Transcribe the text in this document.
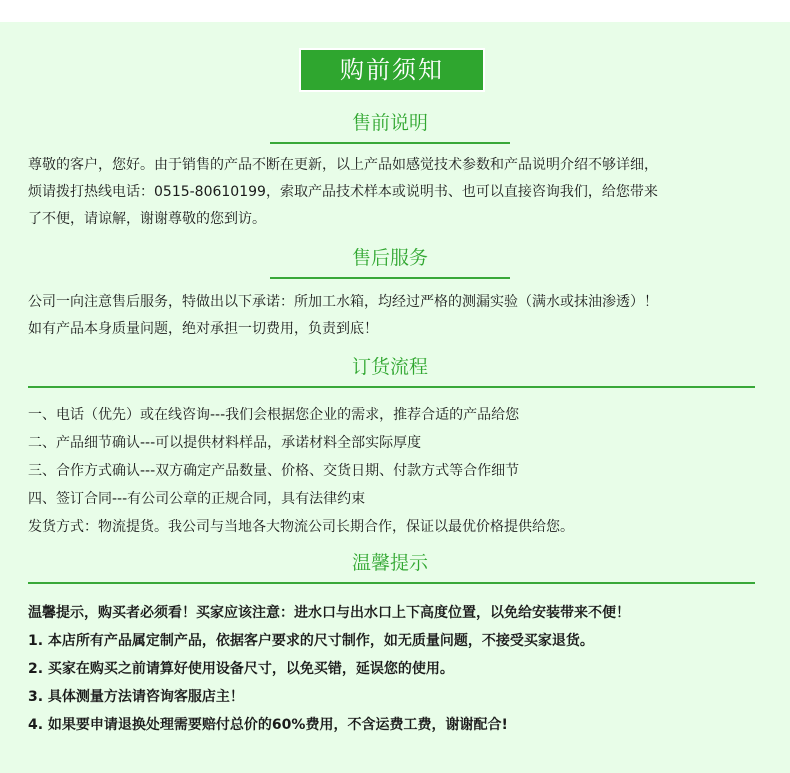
购前须知
售前说明
尊敬的客户，您好。由于销售的产品不断在更新，以上产品如感觉技术参数和产品说明介绍不够详细，
烦请拨打热线电话：0515-80610199，索取产品技术样本或说明书、也可以直接咨询我们，给您带来
了不便，请谅解，谢谢尊敬的您到访。
售后服务
公司一向注意售后服务，特做出以下承诺：所加工水箱，均经过严格的测漏实验（满水或抹油渗透）！
如有产品本身质量问题，绝对承担一切费用，负责到底！
订货流程
一、电话（优先）或在线咨询---我们会根据您企业的需求，推荐合适的产品给您
二、产品细节确认---可以提供材料样品，承诺材料全部实际厚度
三、合作方式确认---双方确定产品数量、价格、交货日期、付款方式等合作细节
四、签订合同---有公司公章的正规合同，具有法律约束
发货方式：物流提货。我公司与当地各大物流公司长期合作，保证以最优价格提供给您。
温馨提示
温馨提示，购买者必须看！买家应该注意：进水口与出水口上下高度位置，以免给安装带来不便！
1. 本店所有产品属定制产品，依据客户要求的尺寸制作，如无质量问题，不接受买家退货。
2. 买家在购买之前请算好使用设备尺寸，以免买错，延误您的使用。
3. 具体测量方法请咨询客服店主！
4. 如果要申请退换处理需要赔付总价的60%费用，不含运费工费，谢谢配合!
